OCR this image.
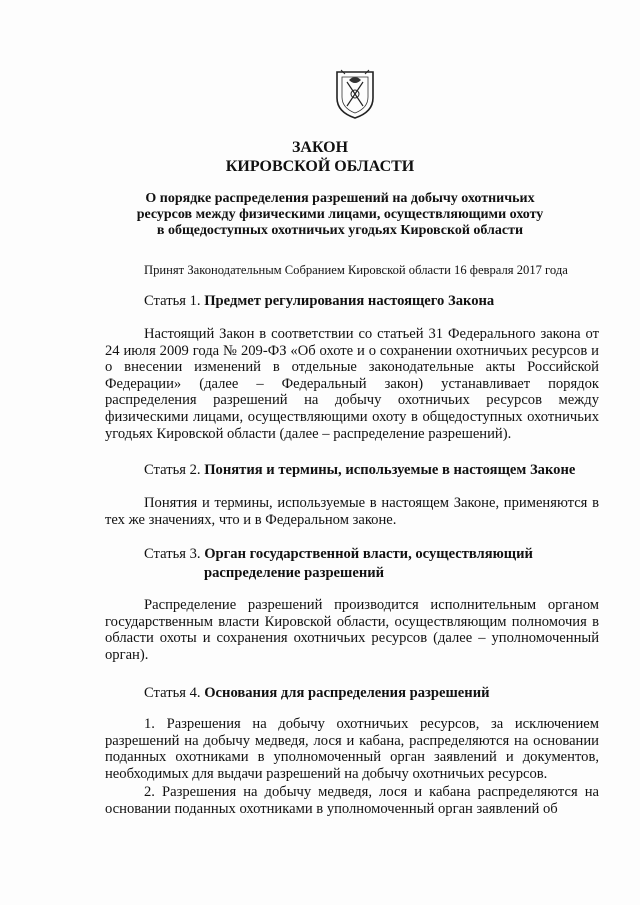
ЗАКОН
КИРОВСКОЙ ОБЛАСТИ
О порядке распределения разрешений на добычу охотничьих
ресурсов между физическими лицами, осуществляющими охоту
в общедоступных охотничьих угодьях Кировской области
Принят Законодательным Собранием Кировской области 16 февраля 2017 года
Статья 1. Предмет регулирования настоящего Закона
Настоящий Закон в соответствии со статьей 31 Федерального закона от 24 июля 2009 года № 209-ФЗ «Об охоте и о сохранении охотничьих ресурсов и о внесении изменений в отдельные законодательные акты Российской Федерации» (далее – Федеральный закон) устанавливает порядок распределения разрешений на добычу охотничьих ресурсов между физическими лицами, осуществляющими охоту в общедоступных охотничьих угодьях Кировской области (далее – распределение разрешений).
Статья 2. Понятия и термины, используемые в настоящем Законе
Понятия и термины, используемые в настоящем Законе, применяются в тех же значениях, что и в Федеральном законе.
Статья 3. Орган государственной власти, осуществляющий
распределение разрешений
Распределение разрешений производится исполнительным органом государственным власти Кировской области, осуществляющим полномочия в области охоты и сохранения охотничьих ресурсов (далее – уполномоченный орган).
Статья 4. Основания для распределения разрешений
1. Разрешения на добычу охотничьих ресурсов, за исключением разрешений на добычу медведя, лося и кабана, распределяются на основании поданных охотниками в уполномоченный орган заявлений и документов, необходимых для выдачи разрешений на добычу охотничьих ресурсов.
2. Разрешения на добычу медведя, лося и кабана распределяются на основании поданных охотниками в уполномоченный орган заявлений об
